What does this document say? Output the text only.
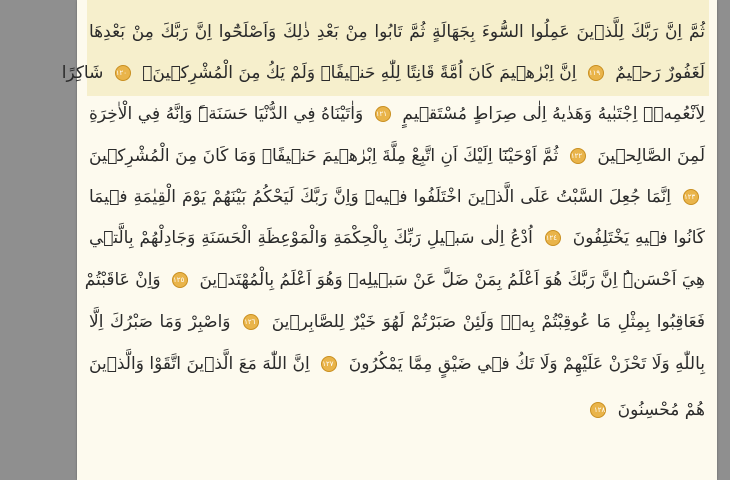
ثُمَّ اِنَّ رَبَّكَ لِلَّذٖينَ عَمِلُوا السُّٓوءَ بِجَهَالَةٍ ثُمَّ تَابُوا مِنْ بَعْدِ ذٰلِكَ وَاَصْلَحُٓوا اِنَّ رَبَّكَ مِنْ بَعْدِهَا
لَغَفُورٌ رَحٖيمٌ ١١٩ اِنَّ اِبْرٰهٖيمَ كَانَ اُمَّةً قَانِتًا لِلّٰهِ حَنٖيفًاۜ وَلَمْ يَكُ مِنَ الْمُشْرِكٖينَۙ ١٢٠ شَاكِرًا
لِاَنْعُمِهٖۜ اِجْتَبٰيهُ وَهَدٰيهُ اِلٰى صِرَاطٍ مُسْتَقٖيمٍ ١٢١ وَاٰتَيْنَاهُ فِي الدُّنْيَا حَسَنَةًۜ وَاِنَّهُ فِي الْاٰخِرَةِ
لَمِنَ الصَّالِحٖينَ ١٢٢ ثُمَّ اَوْحَيْنَٓا اِلَيْكَ اَنِ اتَّبِعْ مِلَّةَ اِبْرٰهٖيمَ حَنٖيفًاۜ وَمَا كَانَ مِنَ الْمُشْرِكٖينَ
١٢٣ اِنَّمَا جُعِلَ السَّبْتُ عَلَى الَّذٖينَ اخْتَلَفُوا فٖيهِۜ وَاِنَّ رَبَّكَ لَيَحْكُمُ بَيْنَهُمْ يَوْمَ الْقِيٰمَةِ فٖيمَا
كَانُوا فٖيهِ يَخْتَلِفُونَ ١٢٤ اُدْعُ اِلٰى سَبٖيلِ رَبِّكَ بِالْحِكْمَةِ وَالْمَوْعِظَةِ الْحَسَنَةِ وَجَادِلْهُمْ بِالَّتٖي
هِيَ اَحْسَنُۜ اِنَّ رَبَّكَ هُوَ اَعْلَمُ بِمَنْ ضَلَّ عَنْ سَبٖيلِهٖ وَهُوَ اَعْلَمُ بِالْمُهْتَدٖينَ ١٢٥ وَاِنْ عَاقَبْتُمْ
فَعَاقِبُوا بِمِثْلِ مَا عُوقِبْتُمْ بِهٖۜ وَلَئِنْ صَبَرْتُمْ لَهُوَ خَيْرٌ لِلصَّابِرٖينَ ١٢٦ وَاصْبِرْ وَمَا صَبْرُكَ اِلَّا
بِاللّٰهِ وَلَا تَحْزَنْ عَلَيْهِمْ وَلَا تَكُ فٖي ضَيْقٍ مِمَّا يَمْكُرُونَ ١٢٧ اِنَّ اللّٰهَ مَعَ الَّذٖينَ اتَّقَوْا وَالَّذٖينَ
هُمْ مُحْسِنُونَ ١٢٨
